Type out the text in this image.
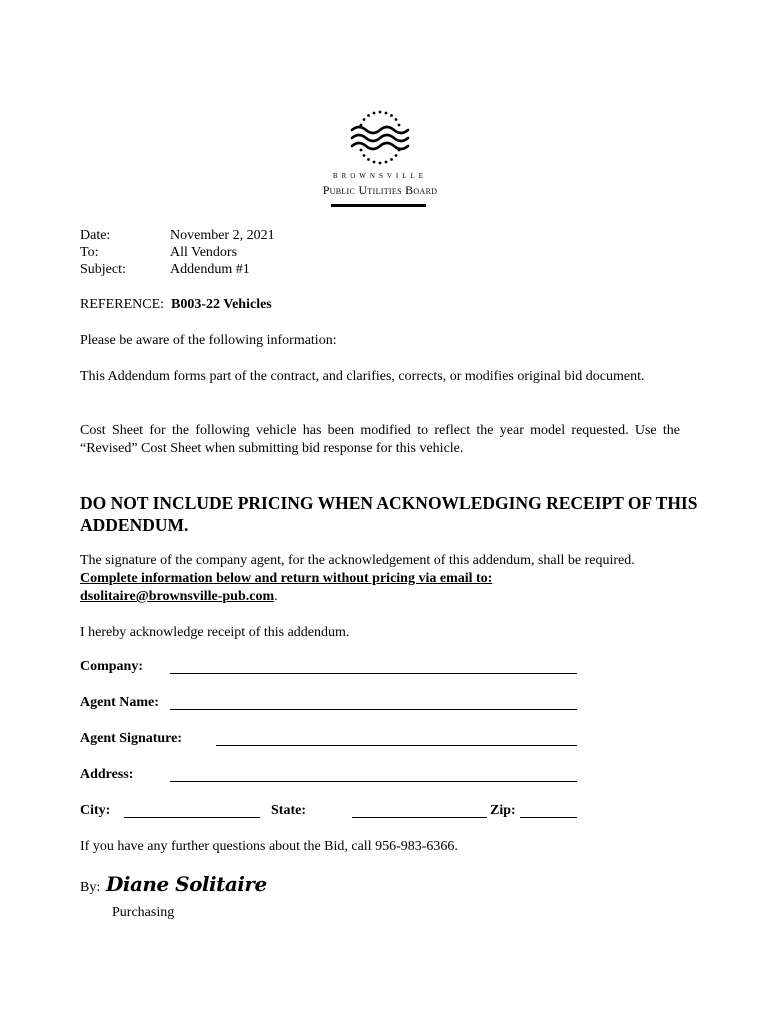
BROWNSVILLE
Public Utilities Board
Date:	November 2, 2021
To:	All Vendors
Subject:	Addendum #1
REFERENCE: B003-22 Vehicles
Please be aware of the following information:
This Addendum forms part of the contract, and clarifies, corrects, or modifies original bid document.
Cost Sheet for the following vehicle has been modified to reflect the year model requested. Use the “Revised” Cost Sheet when submitting bid response for this vehicle.
DO NOT INCLUDE PRICING WHEN ACKNOWLEDGING RECEIPT OF THIS ADDENDUM.
The signature of the company agent, for the acknowledgement of this addendum, shall be required.
Complete information below and return without pricing via email to:
dsolitaire@brownsville-pub.com.
I hereby acknowledge receipt of this addendum.
Company:
Agent Name:
Agent Signature:
Address:
City:	State:	Zip:
If you have any further questions about the Bid, call 956-983-6366.
By: Diane Solitaire
Purchasing
